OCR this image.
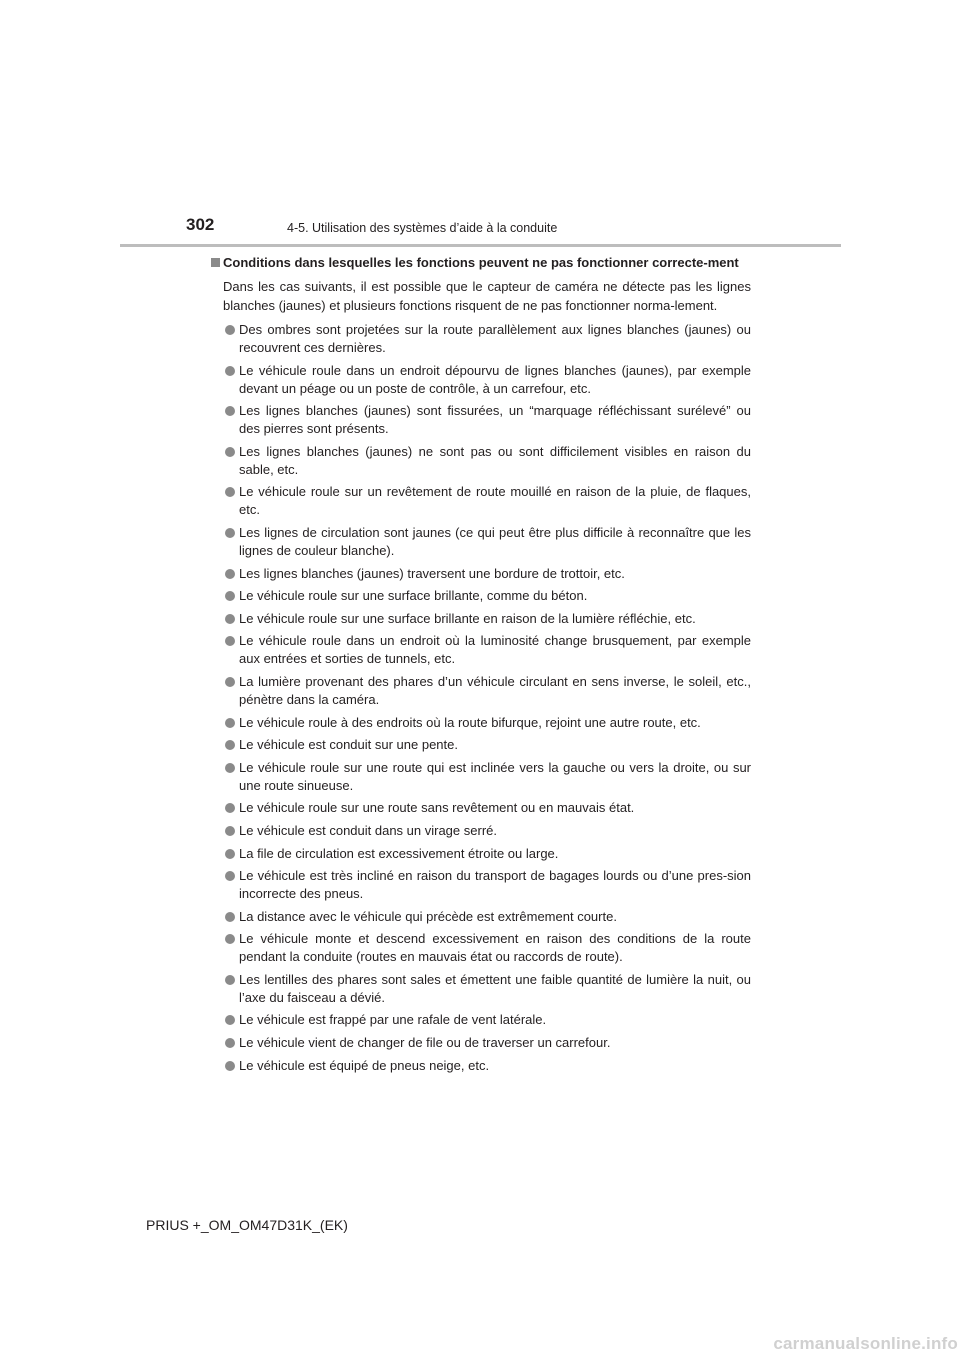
302	4-5. Utilisation des systèmes d’aide à la conduite
Conditions dans lesquelles les fonctions peuvent ne pas fonctionner correcte-ment

Dans les cas suivants, il est possible que le capteur de caméra ne détecte pas les lignes blanches (jaunes) et plusieurs fonctions risquent de ne pas fonctionner norma-lement.

Des ombres sont projetées sur la route parallèlement aux lignes blanches (jaunes) ou recouvrent ces dernières.
Le véhicule roule dans un endroit dépourvu de lignes blanches (jaunes), par exemple devant un péage ou un poste de contrôle, à un carrefour, etc.
Les lignes blanches (jaunes) sont fissurées, un “marquage réfléchissant surélevé” ou des pierres sont présents.
Les lignes blanches (jaunes) ne sont pas ou sont difficilement visibles en raison du sable, etc.
Le véhicule roule sur un revêtement de route mouillé en raison de la pluie, de flaques, etc.
Les lignes de circulation sont jaunes (ce qui peut être plus difficile à reconnaître que les lignes de couleur blanche).
Les lignes blanches (jaunes) traversent une bordure de trottoir, etc.
Le véhicule roule sur une surface brillante, comme du béton.
Le véhicule roule sur une surface brillante en raison de la lumière réfléchie, etc.
Le véhicule roule dans un endroit où la luminosité change brusquement, par exemple aux entrées et sorties de tunnels, etc.
La lumière provenant des phares d’un véhicule circulant en sens inverse, le soleil, etc., pénètre dans la caméra.
Le véhicule roule à des endroits où la route bifurque, rejoint une autre route, etc.
Le véhicule est conduit sur une pente.
Le véhicule roule sur une route qui est inclinée vers la gauche ou vers la droite, ou sur une route sinueuse.
Le véhicule roule sur une route sans revêtement ou en mauvais état.
Le véhicule est conduit dans un virage serré.
La file de circulation est excessivement étroite ou large.
Le véhicule est très incliné en raison du transport de bagages lourds ou d’une pres-sion incorrecte des pneus.
La distance avec le véhicule qui précède est extrêmement courte.
Le véhicule monte et descend excessivement en raison des conditions de la route pendant la conduite (routes en mauvais état ou raccords de route).
Les lentilles des phares sont sales et émettent une faible quantité de lumière la nuit, ou l’axe du faisceau a dévié.
Le véhicule est frappé par une rafale de vent latérale.
Le véhicule vient de changer de file ou de traverser un carrefour.
Le véhicule est équipé de pneus neige, etc.
PRIUS +_OM_OM47D31K_(EK)
carmanualsonline.info
